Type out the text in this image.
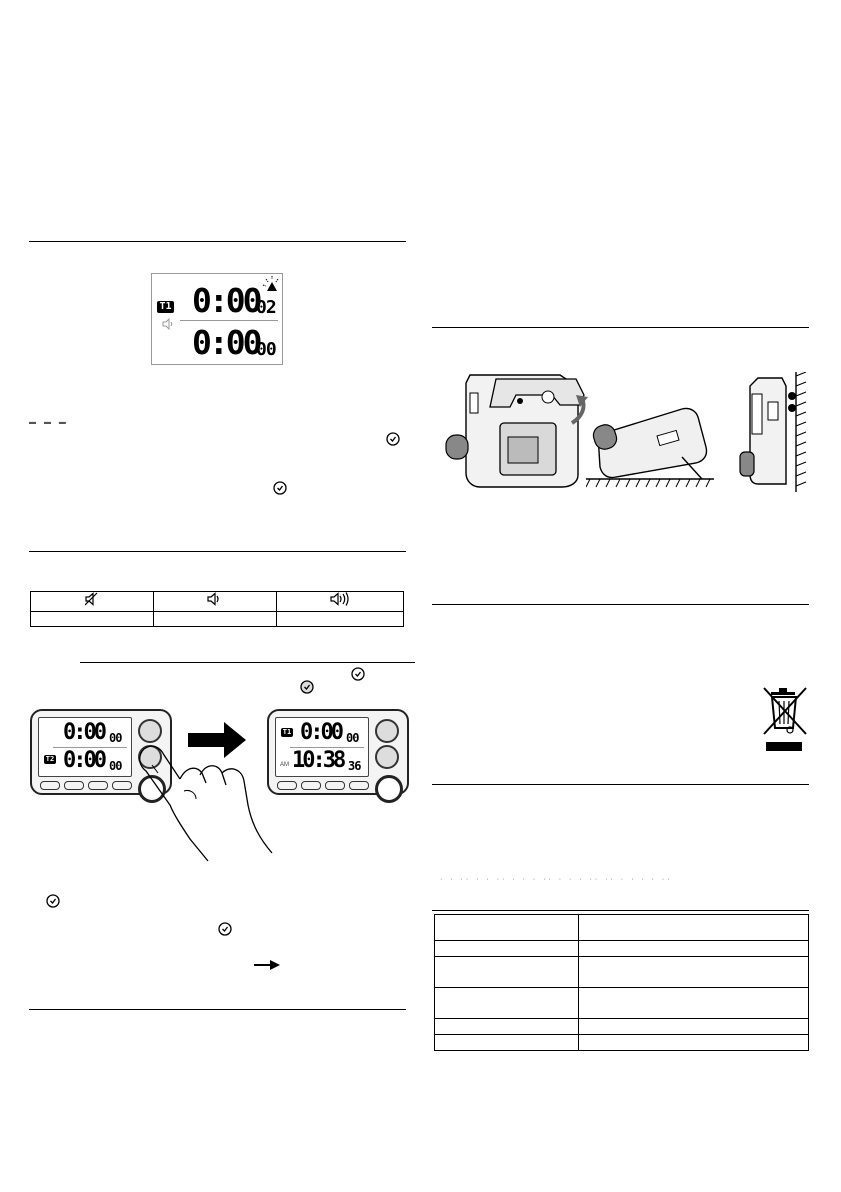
T1 0:00
02
0:00
00
▬ ▬ ▬

0:00 00
T2 0:00 00
T1 0:00 00
AM 10:38 36
· · ·· · · ·· · · · ·· · · · ·· ·· · · · · ··
